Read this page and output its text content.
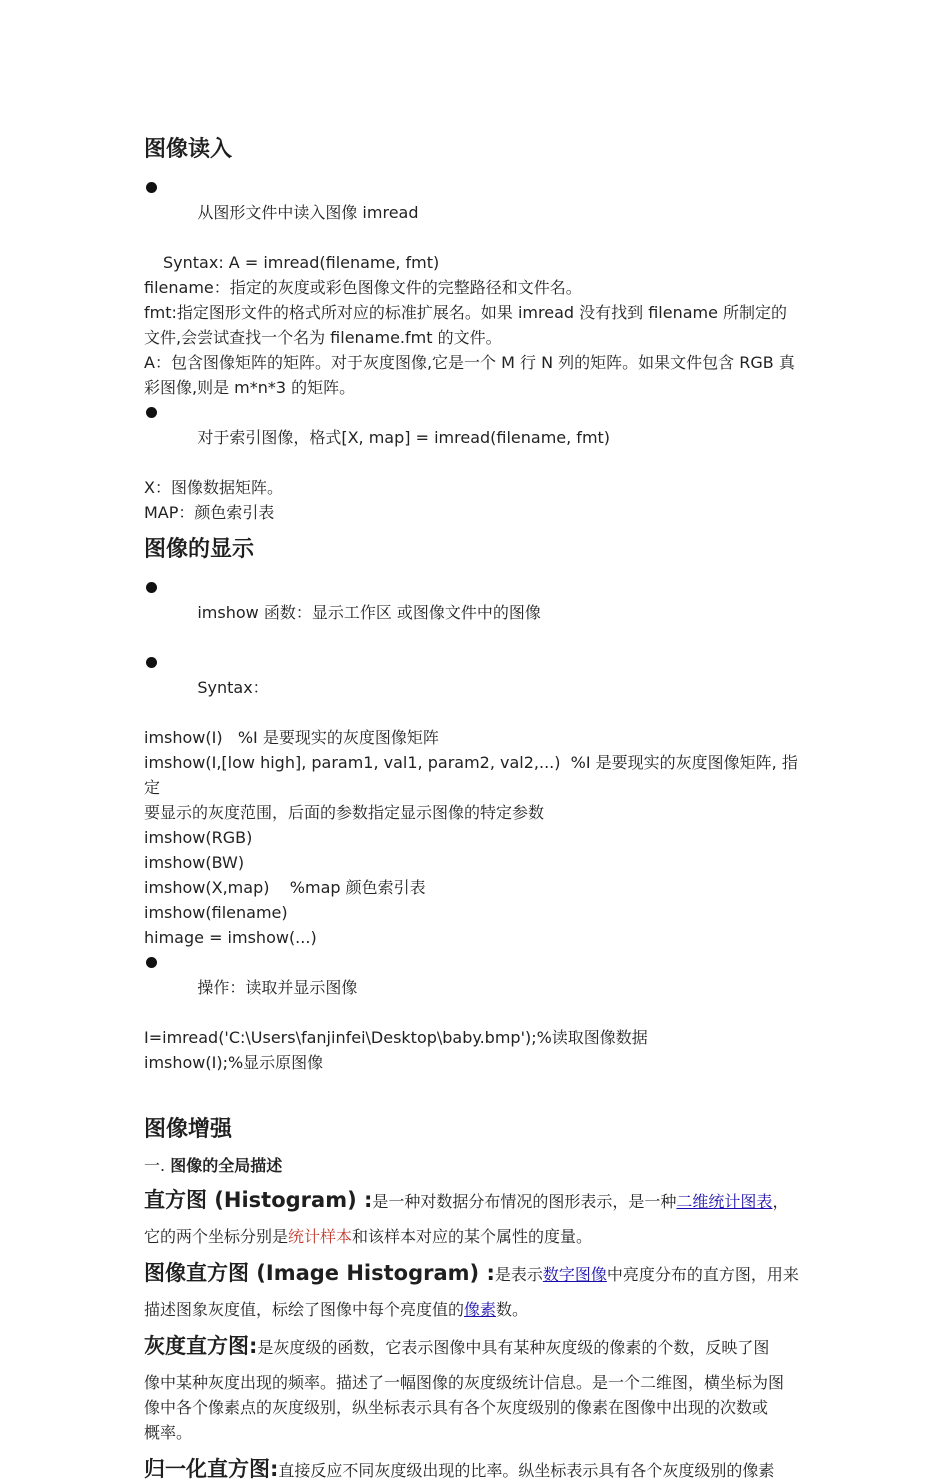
图像读入

从图形文件中读入图像 imread

Syntax: A = imread(filename, fmt)

filename：指定的灰度或彩色图像文件的完整路径和文件名。

fmt:指定图形文件的格式所对应的标准扩展名。如果 imread 没有找到 filename 所制定的

文件,会尝试查找一个名为 filename.fmt 的文件。

A：包含图像矩阵的矩阵。对于灰度图像,它是一个 M 行 N 列的矩阵。如果文件包含 RGB 真

彩图像,则是 m*n*3 的矩阵。

对于索引图像，格式[X, map] = imread(filename, fmt)

X：图像数据矩阵。

MAP：颜色索引表

图像的显示

imshow 函数：显示工作区 或图像文件中的图像

Syntax：

imshow(I)   %I 是要现实的灰度图像矩阵

imshow(I,[low high], param1, val1, param2, val2,...)  %I 是要现实的灰度图像矩阵, 指定

要显示的灰度范围，后面的参数指定显示图像的特定参数

imshow(RGB)

imshow(BW)

imshow(X,map)    %map 颜色索引表

imshow(filename)

himage = imshow(...)

操作：读取并显示图像

I=imread('C:\Users\fanjinfei\Desktop\baby.bmp');%读取图像数据

imshow(I);%显示原图像

图像增强

一. 图像的全局描述

直方图 (Histogram) :是一种对数据分布情况的图形表示，是一种二维统计图表，

它的两个坐标分别是统计样本和该样本对应的某个属性的度量。

图像直方图 (Image Histogram) :是表示数字图像中亮度分布的直方图，用来

描述图象灰度值，标绘了图像中每个亮度值的像素数。

灰度直方图:是灰度级的函数，它表示图像中具有某种灰度级的像素的个数，反映了图

像中某种灰度出现的频率。描述了一幅图像的灰度级统计信息。是一个二维图，横坐标为图

像中各个像素点的灰度级别，纵坐标表示具有各个灰度级别的像素在图像中出现的次数或

概率。

归一化直方图:直接反应不同灰度级出现的比率。纵坐标表示具有各个灰度级别的像素
